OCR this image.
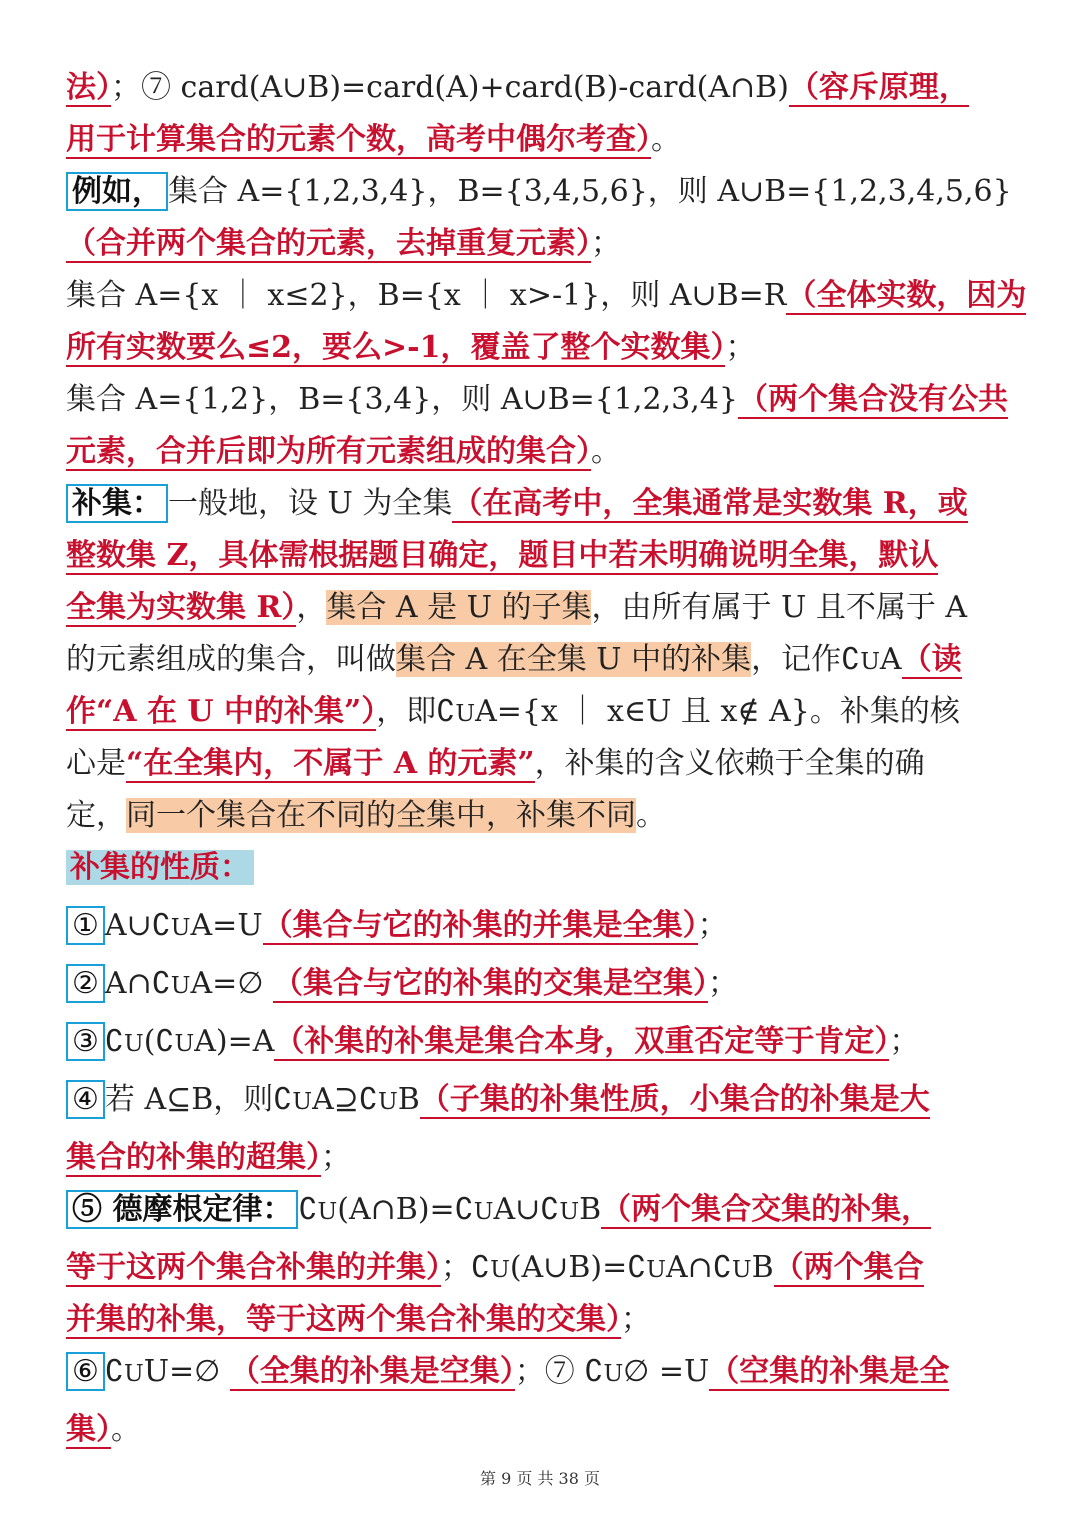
法）；⑦ card(A∪B)=card(A)+card(B)-card(A∩B)（容斥原理，
用于计算集合的元素个数，高考中偶尔考查）。
例如， 集合 A={1,2,3,4}，B={3,4,5,6}，则 A∪B={1,2,3,4,5,6}
（合并两个集合的元素，去掉重复元素）；
集合 A={x ｜ x≤2}，B={x ｜ x>-1}，则 A∪B=R（全体实数，因为
所有实数要么≤2，要么>-1，覆盖了整个实数集）；
集合 A={1,2}，B={3,4}，则 A∪B={1,2,3,4}（两个集合没有公共
元素，合并后即为所有元素组成的集合）。
补集： 一般地，设 U 为全集（在高考中，全集通常是实数集 R，或
整数集 Z，具体需根据题目确定，题目中若未明确说明全集，默认
全集为实数集 R），集合 A 是 U 的子集，由所有属于 U 且不属于 A
的元素组成的集合，叫做集合 A 在全集 U 中的补集，记作∁UA（读
作“A 在 U 中的补集”），即∁UA={x ｜ x∈U 且 x∉ A}。补集的核
心是“在全集内，不属于 A 的元素”，补集的含义依赖于全集的确
定，同一个集合在不同的全集中，补集不同。
补集的性质：
① A∪∁UA=U（集合与它的补集的并集是全集）；
② A∩∁UA=∅ （集合与它的补集的交集是空集）；
③ ∁U(∁UA)=A（补集的补集是集合本身，双重否定等于肯定）；
④ 若 A⊆B，则∁UA⊇∁UB（子集的补集性质，小集合的补集是大
集合的补集的超集）；
⑤ 德摩根定律： ∁U(A∩B)=∁UA∪∁UB（两个集合交集的补集，
等于这两个集合补集的并集）；∁U(A∪B)=∁UA∩∁UB（两个集合
并集的补集，等于这两个集合补集的交集）；
⑥ ∁UU=∅ （全集的补集是空集）；⑦ ∁U∅ =U（空集的补集是全
集）。
第 9 页 共 38 页
